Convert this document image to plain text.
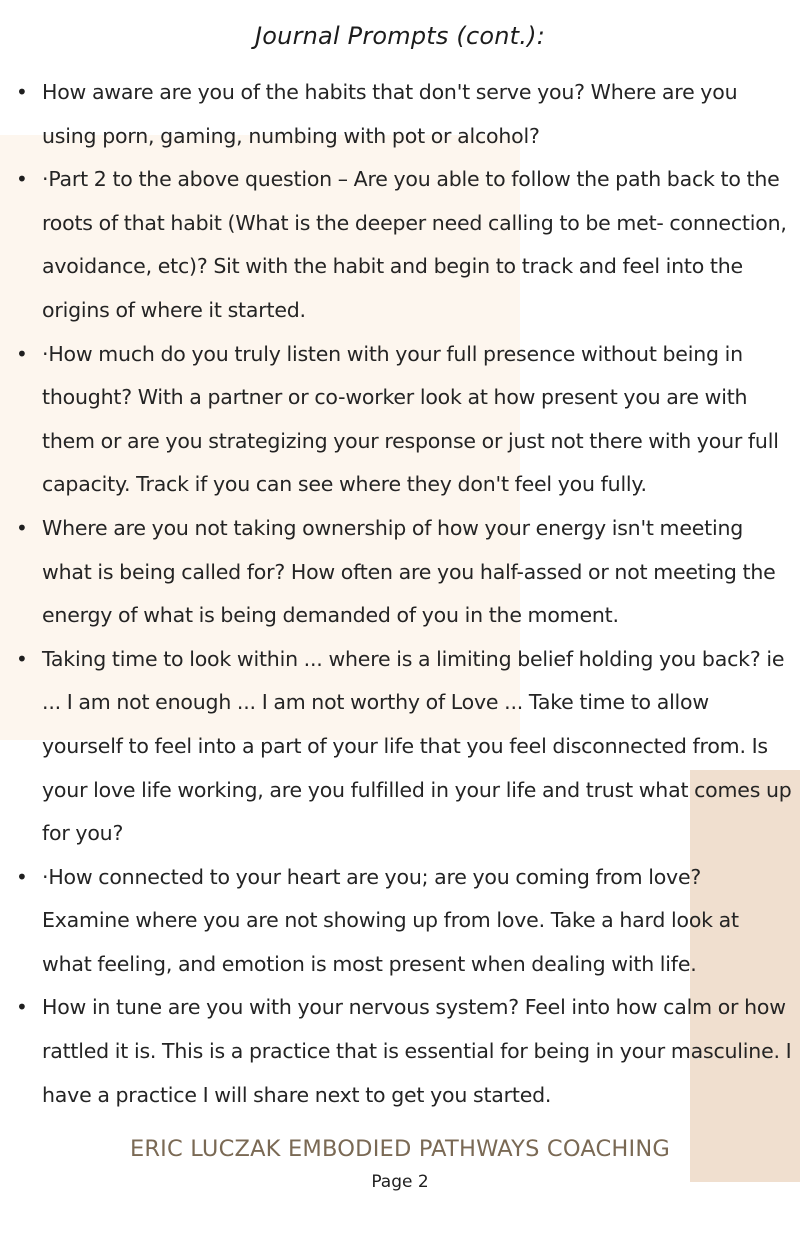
Journal Prompts (cont.):
• How aware are you of the habits that don't serve you? Where are you using porn, gaming, numbing with pot or alcohol?
• ·Part 2 to the above question – Are you able to follow the path back to the roots of that habit (What is the deeper need calling to be met- connection, avoidance, etc)? Sit with the habit and begin to track and feel into the origins of where it started.
• ·How much do you truly listen with your full presence without being in thought? With a partner or co-worker look at how present you are with them or are you strategizing your response or just not there with your full capacity. Track if you can see where they don't feel you fully.
• Where are you not taking ownership of how your energy isn't meeting what is being called for? How often are you half-assed or not meeting the energy of what is being demanded of you in the moment.
• Taking time to look within ... where is a limiting belief holding you back? ie ... I am not enough ... I am not worthy of Love ... Take time to allow yourself to feel into a part of your life that you feel disconnected from. Is your love life working, are you fulfilled in your life and trust what comes up for you?
• ·How connected to your heart are you; are you coming from love? Examine where you are not showing up from love. Take a hard look at what feeling, and emotion is most present when dealing with life.
• How in tune are you with your nervous system? Feel into how calm or how rattled it is. This is a practice that is essential for being in your masculine. I have a practice I will share next to get you started.
ERIC LUCZAK EMBODIED PATHWAYS COACHING
Page 2
